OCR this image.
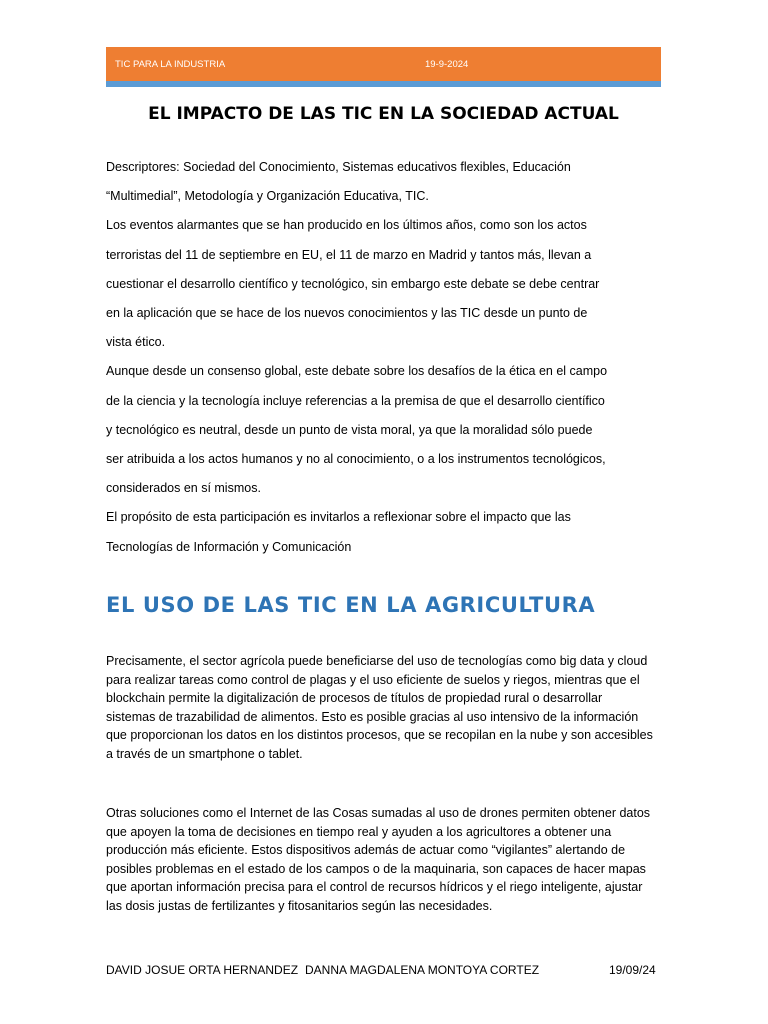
TIC PARA LA INDUSTRIA	19-9-2024
EL IMPACTO DE LAS TIC EN LA SOCIEDAD ACTUAL
Descriptores: Sociedad del Conocimiento, Sistemas educativos flexibles, Educación
“Multimedial”, Metodología y Organización Educativa, TIC.
Los eventos alarmantes que se han producido en los últimos años, como son los actos
terroristas del 11 de septiembre en EU, el 11 de marzo en Madrid y tantos más, llevan a
cuestionar el desarrollo científico y tecnológico, sin embargo este debate se debe centrar
en la aplicación que se hace de los nuevos conocimientos y las TIC desde un punto de
vista ético.
Aunque desde un consenso global, este debate sobre los desafíos de la ética en el campo
de la ciencia y la tecnología incluye referencias a la premisa de que el desarrollo científico
y tecnológico es neutral, desde un punto de vista moral, ya que la moralidad sólo puede
ser atribuida a los actos humanos y no al conocimiento, o a los instrumentos tecnológicos,
considerados en sí mismos.
El propósito de esta participación es invitarlos a reflexionar sobre el impacto que las
Tecnologías de Información y Comunicación
EL USO DE LAS TIC EN LA AGRICULTURA

Precisamente, el sector agrícola puede beneficiarse del uso de tecnologías como big data y cloud
para realizar tareas como control de plagas y el uso eficiente de suelos y riegos, mientras que el
blockchain permite la digitalización de procesos de títulos de propiedad rural o desarrollar
sistemas de trazabilidad de alimentos. Esto es posible gracias al uso intensivo de la información
que proporcionan los datos en los distintos procesos, que se recopilan en la nube y son accesibles
a través de un smartphone o tablet.

Otras soluciones como el Internet de las Cosas sumadas al uso de drones permiten obtener datos
que apoyen la toma de decisiones en tiempo real y ayuden a los agricultores a obtener una
producción más eficiente. Estos dispositivos además de actuar como “vigilantes” alertando de
posibles problemas en el estado de los campos o de la maquinaria, son capaces de hacer mapas
que aportan información precisa para el control de recursos hídricos y el riego inteligente, ajustar
las dosis justas de fertilizantes y fitosanitarios según las necesidades.

DAVID JOSUE ORTA HERNANDEZ DANNA MAGDALENA MONTOYA CORTEZ	19/09/24
